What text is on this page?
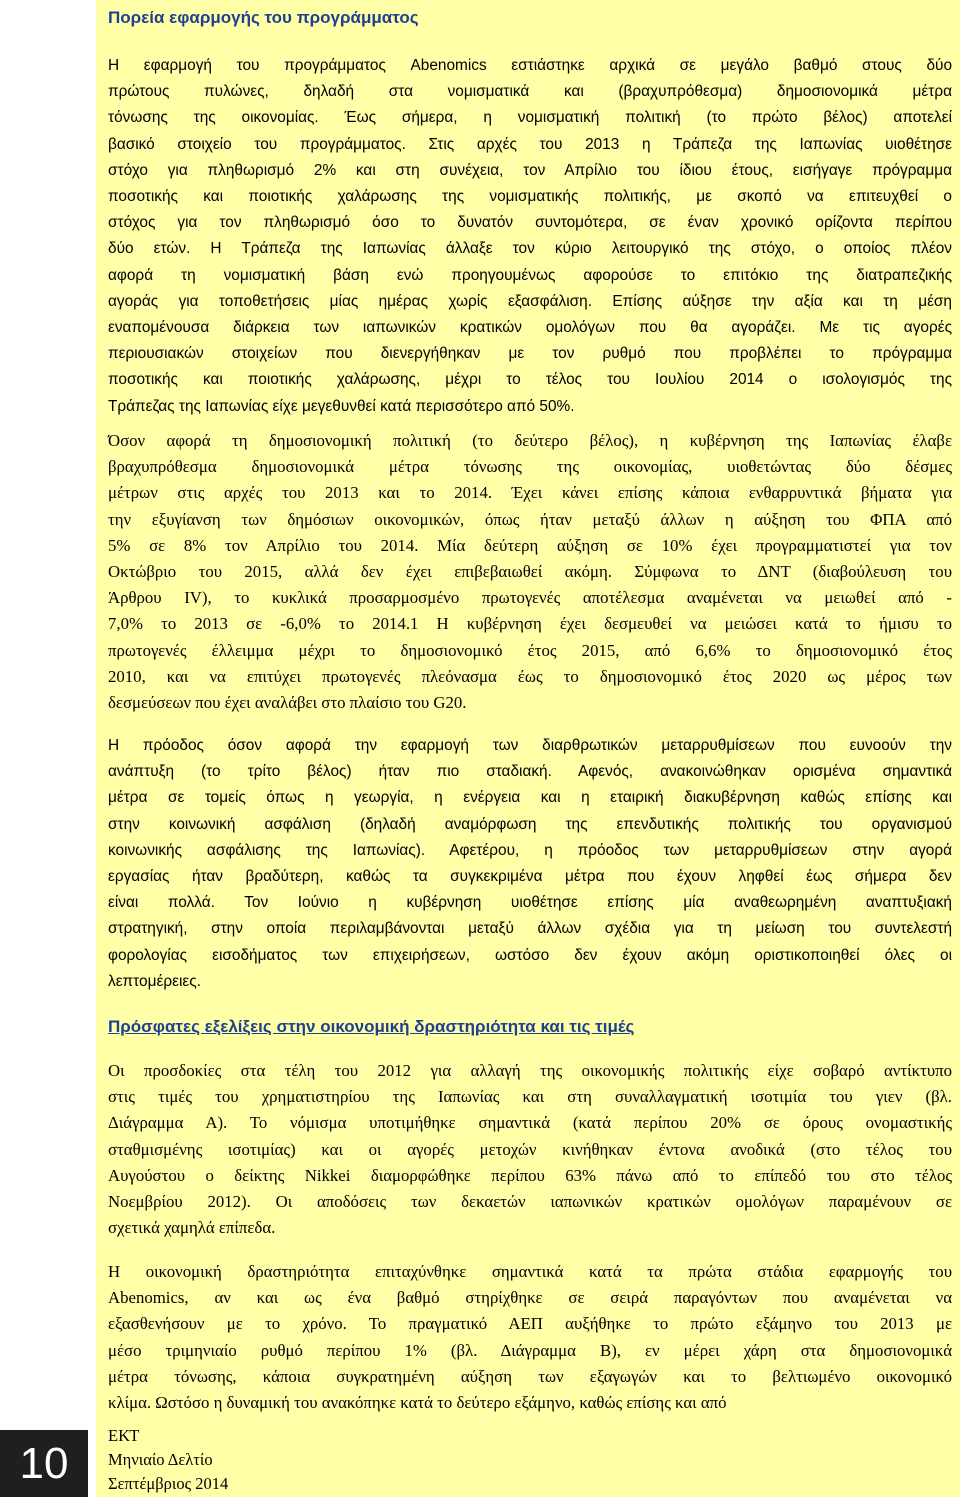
Πορεία εφαρμογής του προγράμματος
Η εφαρμογή του προγράμματος Abenomics εστιάστηκε αρχικά σε μεγάλο βαθμό στους δύο
πρώτους πυλώνες, δηλαδή στα νομισματικά και (βραχυπρόθεσμα) δημοσιονομικά μέτρα
τόνωσης της οικονομίας. Έως σήμερα, η νομισματική πολιτική (το πρώτο βέλος) αποτελεί
βασικό στοιχείο του προγράμματος. Στις αρχές του 2013 η Τράπεζα της Ιαπωνίας υιοθέτησε
στόχο για πληθωρισμό 2% και στη συνέχεια, τον Απρίλιο του ίδιου έτους, εισήγαγε πρόγραμμα
ποσοτικής και ποιοτικής χαλάρωσης της νομισματικής πολιτικής, με σκοπό να επιτευχθεί ο
στόχος για τον πληθωρισμό όσο το δυνατόν συντομότερα, σε έναν χρονικό ορίζοντα περίπου
δύο ετών. Η Τράπεζα της Ιαπωνίας άλλαξε τον κύριο λειτουργικό της στόχο, ο οποίος πλέον
αφορά τη νομισματική βάση ενώ προηγουμένως αφορούσε το επιτόκιο της διατραπεζικής
αγοράς για τοποθετήσεις μίας ημέρας χωρίς εξασφάλιση. Επίσης αύξησε την αξία και τη μέση
εναπομένουσα διάρκεια των ιαπωνικών κρατικών ομολόγων που θα αγοράζει. Με τις αγορές
περιουσιακών στοιχείων που διενεργήθηκαν με τον ρυθμό που προβλέπει το πρόγραμμα
ποσοτικής και ποιοτικής χαλάρωσης, μέχρι το τέλος του Ιουλίου 2014 ο ισολογισμός της
Τράπεζας της Ιαπωνίας είχε μεγεθυνθεί κατά περισσότερο από 50%.
Όσον αφορά τη δημοσιονομική πολιτική (το δεύτερο βέλος), η κυβέρνηση της Ιαπωνίας έλαβε
βραχυπρόθεσμα δημοσιονομικά μέτρα τόνωσης της οικονομίας, υιοθετώντας δύο δέσμες
μέτρων στις αρχές του 2013 και το 2014. Έχει κάνει επίσης κάποια ενθαρρυντικά βήματα για
την εξυγίανση των δημόσιων οικονομικών, όπως ήταν μεταξύ άλλων η αύξηση του ΦΠΑ από
5% σε 8% τον Απρίλιο του 2014. Μία δεύτερη αύξηση σε 10% έχει προγραμματιστεί για τον
Οκτώβριο του 2015, αλλά δεν έχει επιβεβαιωθεί ακόμη. Σύμφωνα το ΔΝΤ (διαβούλευση του
Άρθρου IV), το κυκλικά προσαρμοσμένο πρωτογενές αποτέλεσμα αναμένεται να μειωθεί από -
7,0% το 2013 σε -6,0% το 2014.1 Η κυβέρνηση έχει δεσμευθεί να μειώσει κατά το ήμισυ το
πρωτογενές έλλειμμα μέχρι το δημοσιονομικό έτος 2015, από 6,6% το δημοσιονομικό έτος
2010, και να επιτύχει πρωτογενές πλεόνασμα έως το δημοσιονομικό έτος 2020 ως μέρος των
δεσμεύσεων που έχει αναλάβει στο πλαίσιο του G20.
Η πρόοδος όσον αφορά την εφαρμογή των διαρθρωτικών μεταρρυθμίσεων που ευνοούν την
ανάπτυξη (το τρίτο βέλος) ήταν πιο σταδιακή. Αφενός, ανακοινώθηκαν ορισμένα σημαντικά
μέτρα σε τομείς όπως η γεωργία, η ενέργεια και η εταιρική διακυβέρνηση καθώς επίσης και
στην κοινωνική ασφάλιση (δηλαδή αναμόρφωση της επενδυτικής πολιτικής του οργανισμού
κοινωνικής ασφάλισης της Ιαπωνίας). Αφετέρου, η πρόοδος των μεταρρυθμίσεων στην αγορά
εργασίας ήταν βραδύτερη, καθώς τα συγκεκριμένα μέτρα που έχουν ληφθεί έως σήμερα δεν
είναι πολλά. Τον Ιούνιο η κυβέρνηση υιοθέτησε επίσης μία αναθεωρημένη αναπτυξιακή
στρατηγική, στην οποία περιλαμβάνονται μεταξύ άλλων σχέδια για τη μείωση του συντελεστή
φορολογίας εισοδήματος των επιχειρήσεων, ωστόσο δεν έχουν ακόμη οριστικοποιηθεί όλες οι
λεπτομέρειες.
Πρόσφατες εξελίξεις στην οικονομική δραστηριότητα και τις τιμές
Οι προσδοκίες στα τέλη του 2012 για αλλαγή της οικονομικής πολιτικής είχε σοβαρό αντίκτυπο
στις τιμές του χρηματιστηρίου της Ιαπωνίας και στη συναλλαγματική ισοτιμία του γιεν (βλ.
Διάγραμμα Α). Το νόμισμα υποτιμήθηκε σημαντικά (κατά περίπου 20% σε όρους ονομαστικής
σταθμισμένης ισοτιμίας) και οι αγορές μετοχών κινήθηκαν έντονα ανοδικά (στο τέλος του
Αυγούστου ο δείκτης Nikkei διαμορφώθηκε περίπου 63% πάνω από το επίπεδό του στο τέλος
Νοεμβρίου 2012). Οι αποδόσεις των δεκαετών ιαπωνικών κρατικών ομολόγων παραμένουν σε
σχετικά χαμηλά επίπεδα.
Η οικονομική δραστηριότητα επιταχύνθηκε σημαντικά κατά τα πρώτα στάδια εφαρμογής του
Abenomics, αν και ως ένα βαθμό στηρίχθηκε σε σειρά παραγόντων που αναμένεται να
εξασθενήσουν με το χρόνο. Το πραγματικό ΑΕΠ αυξήθηκε το πρώτο εξάμηνο του 2013 με
μέσο τριμηνιαίο ρυθμό περίπου 1% (βλ. Διάγραμμα Β), εν μέρει χάρη στα δημοσιονομικά
μέτρα τόνωσης, κάποια συγκρατημένη αύξηση των εξαγωγών και το βελτιωμένο οικονομικό
κλίμα. Ωστόσο η δυναμική του ανακόπηκε κατά το δεύτερο εξάμηνο, καθώς επίσης και από
10
ΕΚΤ
Μηνιαίο Δελτίο
Σεπτέμβριος 2014
